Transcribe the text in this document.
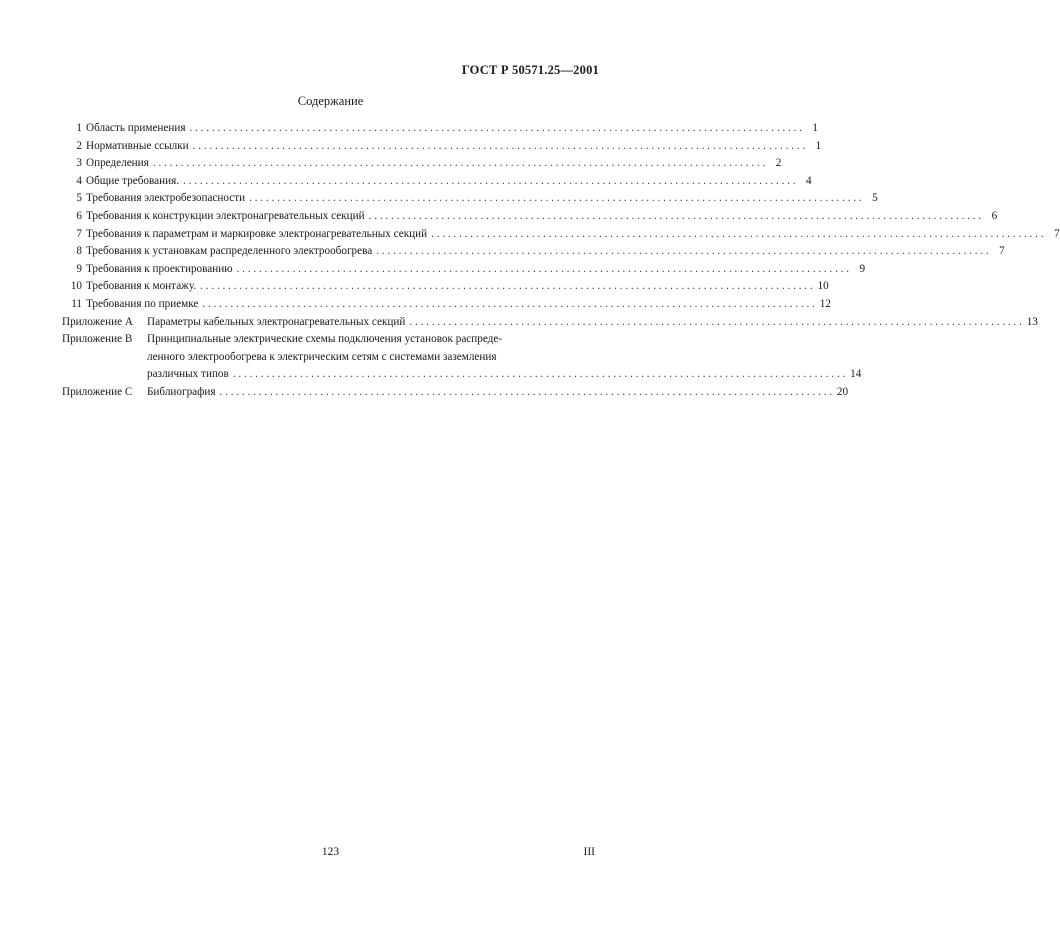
ГОСТ Р 50571.25—2001
Содержание
1 Область применения . . .	1
2 Нормативные ссылки . . .	1
3 Определения . . .	2
4 Общие требования. . . .	4
5 Требования электробезопасности . . .	5
6 Требования к конструкции электронагревательных секций . . .	6
7 Требования к параметрам и маркировке электронагревательных секций . . .	7
8 Требования к установкам распределенного электрообогрева . . .	7
9 Требования к проектированию . . .	9
10 Требования к монтажу. . . .	10
11 Требования по приемке . . .	12
Приложение А	Параметры кабельных электронагревательных секций . . .	13
Приложение В	Принципиальные электрические схемы подключения установок распреде-
ленного электрообогрева к электрическим сетям с системами заземления
различных типов . . .	14
Приложение С	Библиография . . .	20
123	III
